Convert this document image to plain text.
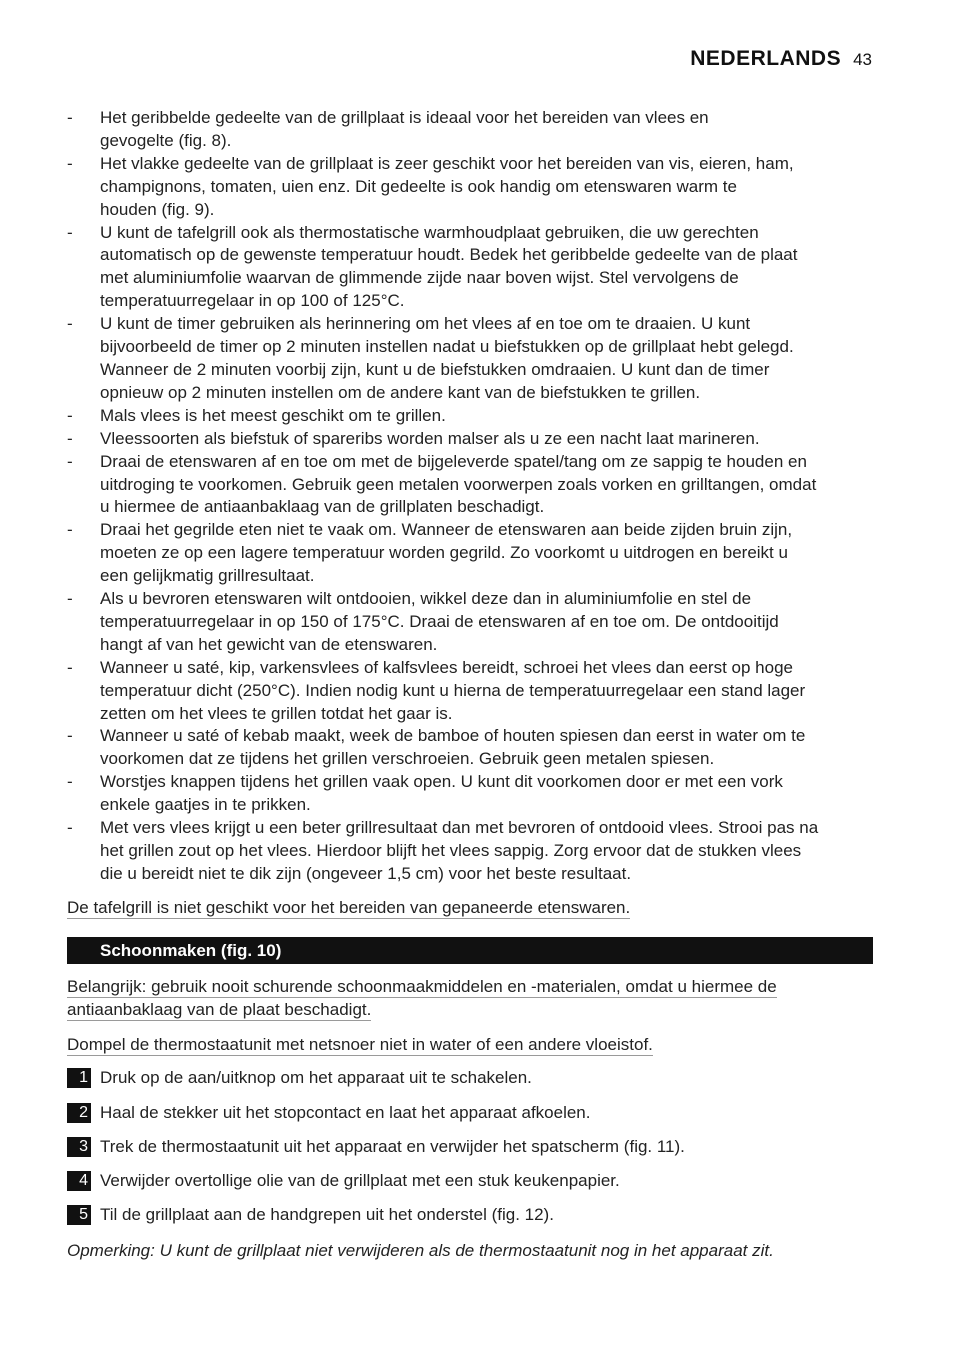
NEDERLANDS 43
- Het geribbelde gedeelte van de grillplaat is ideaal voor het bereiden van vlees en
gevogelte (fig. 8).
- Het vlakke gedeelte van de grillplaat is zeer geschikt voor het bereiden van vis, eieren, ham,
champignons, tomaten, uien enz. Dit gedeelte is ook handig om etenswaren warm te
houden (fig. 9).
- U kunt de tafelgrill ook als thermostatische warmhoudplaat gebruiken, die uw gerechten
automatisch op de gewenste temperatuur houdt. Bedek het geribbelde gedeelte van de plaat
met aluminiumfolie waarvan de glimmende zijde naar boven wijst. Stel vervolgens de
temperatuurregelaar in op 100 of 125°C.
- U kunt de timer gebruiken als herinnering om het vlees af en toe om te draaien. U kunt
bijvoorbeeld de timer op 2 minuten instellen nadat u biefstukken op de grillplaat hebt gelegd.
Wanneer de 2 minuten voorbij zijn, kunt u de biefstukken omdraaien. U kunt dan de timer
opnieuw op 2 minuten instellen om de andere kant van de biefstukken te grillen.
- Mals vlees is het meest geschikt om te grillen.
- Vleessoorten als biefstuk of spareribs worden malser als u ze een nacht laat marineren.
- Draai de etenswaren af en toe om met de bijgeleverde spatel/tang om ze sappig te houden en
uitdroging te voorkomen. Gebruik geen metalen voorwerpen zoals vorken en grilltangen, omdat
u hiermee de antiaanbaklaag van de grillplaten beschadigt.
- Draai het gegrilde eten niet te vaak om. Wanneer de etenswaren aan beide zijden bruin zijn,
moeten ze op een lagere temperatuur worden gegrild. Zo voorkomt u uitdrogen en bereikt u
een gelijkmatig grillresultaat.
- Als u bevroren etenswaren wilt ontdooien, wikkel deze dan in aluminiumfolie en stel de
temperatuurregelaar in op 150 of 175°C. Draai de etenswaren af en toe om. De ontdooitijd
hangt af van het gewicht van de etenswaren.
- Wanneer u saté, kip, varkensvlees of kalfsvlees bereidt, schroei het vlees dan eerst op hoge
temperatuur dicht (250°C). Indien nodig kunt u hierna de temperatuurregelaar een stand lager
zetten om het vlees te grillen totdat het gaar is.
- Wanneer u saté of kebab maakt, week de bamboe of houten spiesen dan eerst in water om te
voorkomen dat ze tijdens het grillen verschroeien. Gebruik geen metalen spiesen.
- Worstjes knappen tijdens het grillen vaak open. U kunt dit voorkomen door er met een vork
enkele gaatjes in te prikken.
- Met vers vlees krijgt u een beter grillresultaat dan met bevroren of ontdooid vlees. Strooi pas na
het grillen zout op het vlees. Hierdoor blijft het vlees sappig. Zorg ervoor dat de stukken vlees
die u bereidt niet te dik zijn (ongeveer 1,5 cm) voor het beste resultaat.
De tafelgrill is niet geschikt voor het bereiden van gepaneerde etenswaren.
Schoonmaken (fig. 10)
Belangrijk: gebruik nooit schurende schoonmaakmiddelen en -materialen, omdat u hiermee de
antiaanbaklaag van de plaat beschadigt.
Dompel de thermostaatunit met netsnoer niet in water of een andere vloeistof.
1 Druk op de aan/uitknop om het apparaat uit te schakelen.
2 Haal de stekker uit het stopcontact en laat het apparaat afkoelen.
3 Trek de thermostaatunit uit het apparaat en verwijder het spatscherm (fig. 11).
4 Verwijder overtollige olie van de grillplaat met een stuk keukenpapier.
5 Til de grillplaat aan de handgrepen uit het onderstel (fig. 12).
Opmerking: U kunt de grillplaat niet verwijderen als de thermostaatunit nog in het apparaat zit.
